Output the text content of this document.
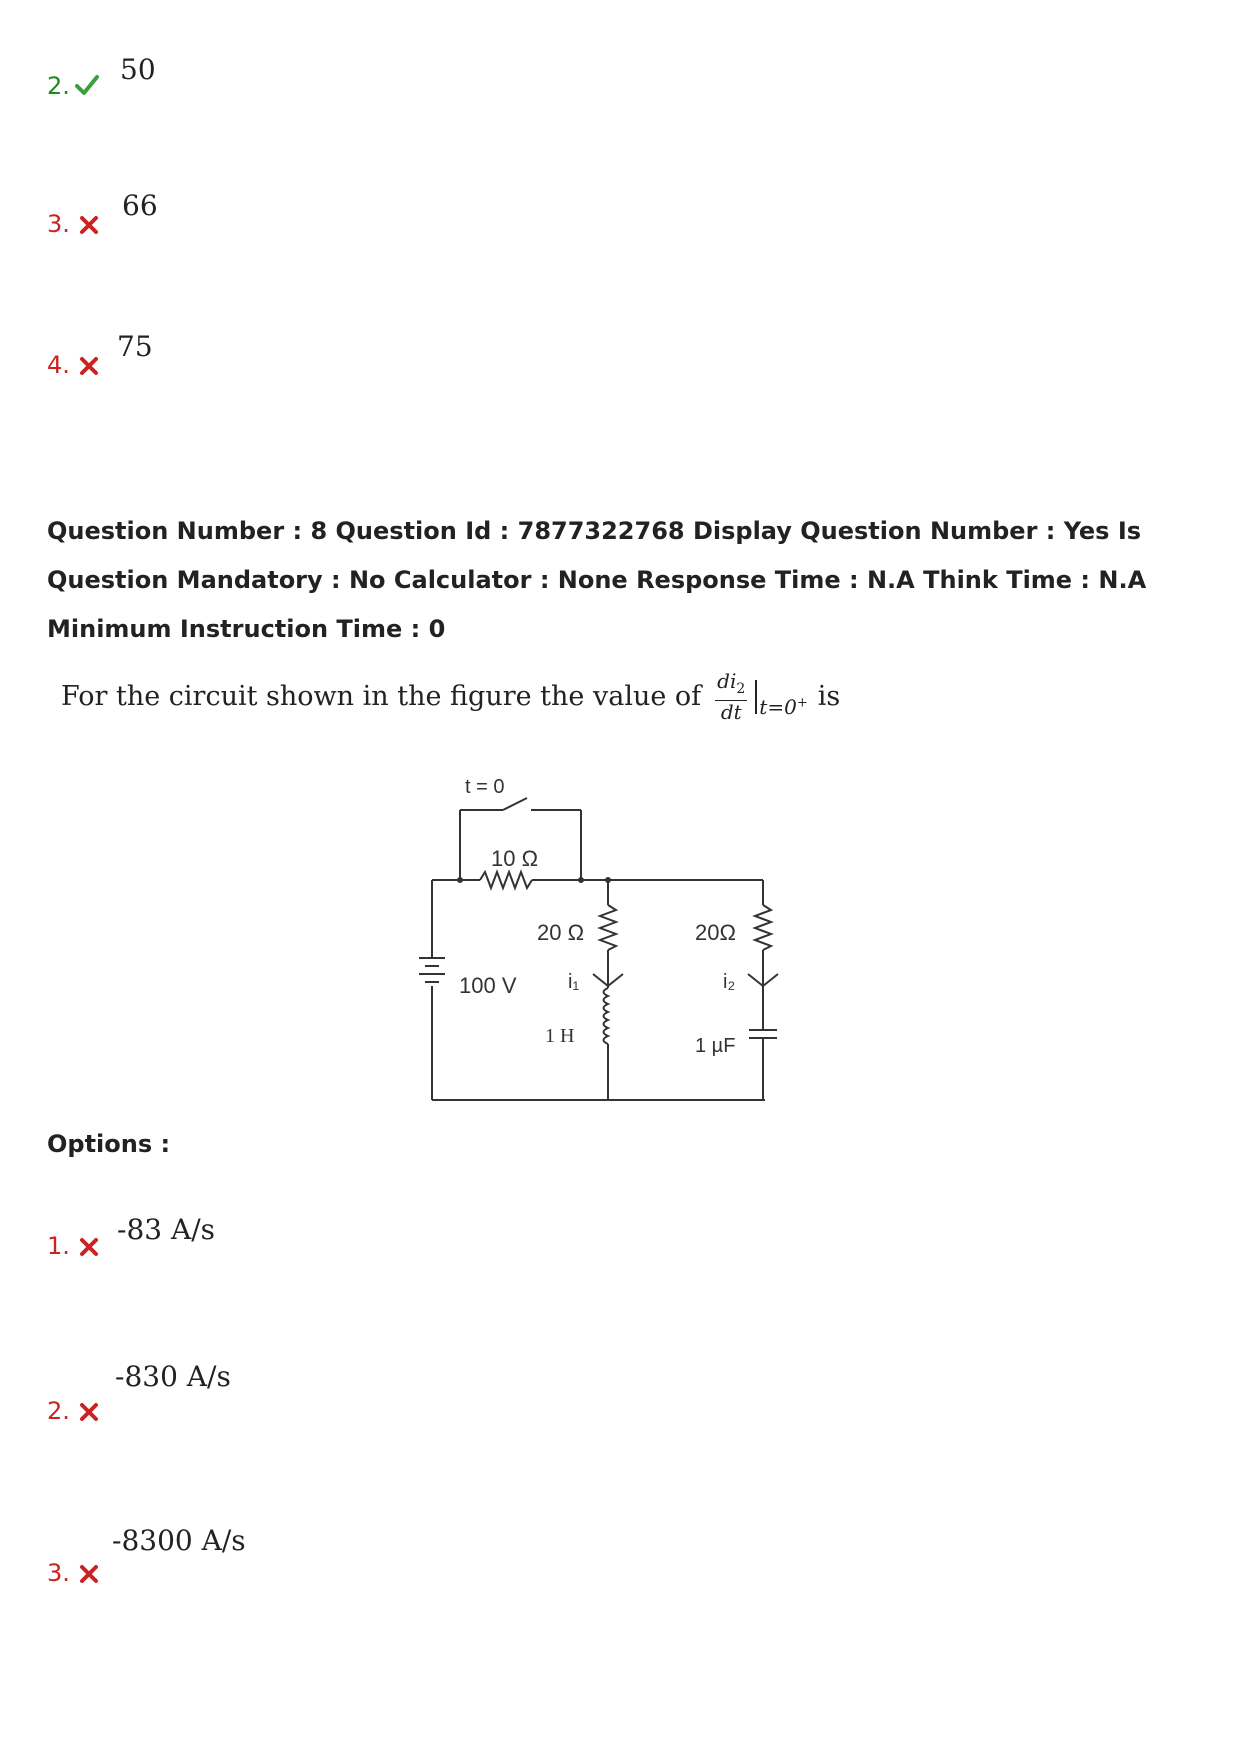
2. 50
3.
66
4.
75
Question Number : 8 Question Id : 7877322768 Display Question Number : Yes Is Question Mandatory : No Calculator : None Response Time : N.A Think Time : N.A Minimum Instruction Time : 0
For the circuit shown in the figure the value of $\frac{di_2}{dt} t=0^+$ is
t = 0
10 Ω
20 Ω	20Ω
100 V	i₁	i₂
1 H	1 µF
Options :
1. -83 A/s
2.
-830 A/s
3.
-8300 A/s
